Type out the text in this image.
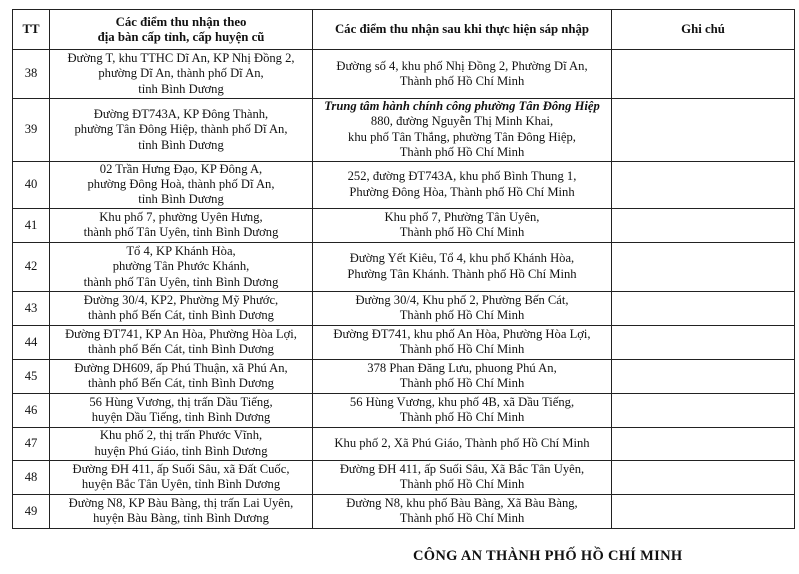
TT	Các điểm thu nhận theo
địa bàn cấp tỉnh, cấp huyện cũ	Các điểm thu nhận sau khi thực hiện sáp nhập	Ghi chú
38	Đường T, khu TTHC Dĩ An, KP Nhị Đồng 2,
phường Dĩ An, thành phố Dĩ An,
tỉnh Bình Dương	Đường số 4, khu phố Nhị Đồng 2, Phường Dĩ An,
Thành phố Hồ Chí Minh	

39	Đường ĐT743A, KP Đông Thành,
phường Tân Đông Hiệp, thành phố Dĩ An,
tỉnh Bình Dương	Trung tâm hành chính công phường Tân Đông Hiệp
880, đường Nguyễn Thị Minh Khai,
khu phố Tân Thắng, phường Tân Đông Hiệp,
Thành phố Hồ Chí Minh	

40	02 Trần Hưng Đạo, KP Đông A,
phường Đông Hoà, thành phố Dĩ An,
tỉnh Bình Dương	252, đường ĐT743A, khu phố Bình Thung 1,
Phường Đông Hòa, Thành phố Hồ Chí Minh	

41	Khu phố 7, phường Uyên Hưng,
thành phố Tân Uyên, tỉnh Bình Dương	Khu phố 7, Phường Tân Uyên,
Thành phố Hồ Chí Minh	

42	Tổ 4, KP Khánh Hòa,
phường Tân Phước Khánh,
thành phố Tân Uyên, tỉnh Bình Dương	Đường Yết Kiêu, Tổ 4, khu phố Khánh Hòa,
Phường Tân Khánh. Thành phố Hồ Chí Minh	

43	Đường 30/4, KP2, Phường Mỹ Phước,
thành phố Bến Cát, tỉnh Bình Dương	Đường 30/4, Khu phố 2, Phường Bến Cát,
Thành phố Hồ Chí Minh	

44	Đường ĐT741, KP An Hòa, Phường Hòa Lợi,
thành phố Bến Cát, tỉnh Bình Dương	Đường ĐT741, khu phố An Hòa, Phường Hòa Lợi,
Thành phố Hồ Chí Minh	

45	Đường DH609, ấp Phú Thuận, xã Phú An,
thành phố Bến Cát, tỉnh Bình Dương	378 Phan Đăng Lưu, phuong Phú An,
Thành phố Hồ Chí Minh	

46	56 Hùng Vương, thị trấn Dầu Tiếng,
huyện Dầu Tiếng, tỉnh Bình Dương	56 Hùng Vương, khu phố 4B, xã Dầu Tiếng,
Thành phố Hồ Chí Minh	

47	Khu phố 2, thị trấn Phước Vĩnh,
huyện Phú Giáo, tỉnh Bình Dương	Khu phố 2, Xã Phú Giáo, Thành phố Hồ Chí Minh	

48	Đường ĐH 411, ấp Suối Sâu, xã Đất Cuốc,
huyện Bắc Tân Uyên, tỉnh Bình Dương	Đường ĐH 411, ấp Suối Sâu, Xã Bắc Tân Uyên,
Thành phố Hồ Chí Minh	

49	Đường N8, KP Bàu Bàng, thị trấn Lai Uyên,
huyện Bàu Bàng, tỉnh Bình Dương	Đường N8, khu phố Bàu Bàng, Xã Bàu Bàng,
Thành phố Hồ Chí Minh	

CÔNG AN THÀNH PHỐ HỒ CHÍ MINH
